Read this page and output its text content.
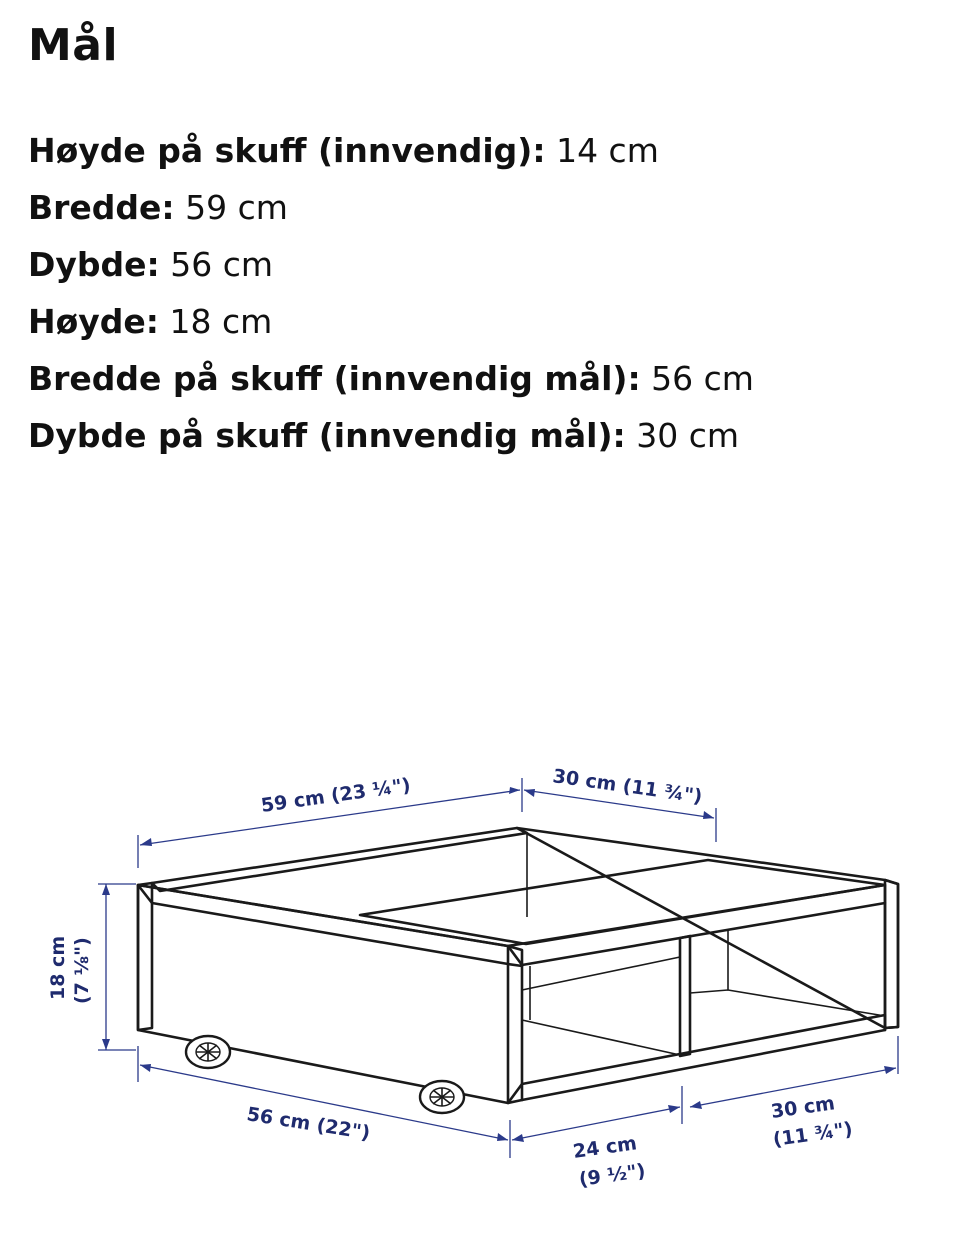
Mål
Høyde på skuff (innvendig): 14 cm
Bredde: 59 cm
Dybde: 56 cm
Høyde: 18 cm
Bredde på skuff (innvendig mål): 56 cm
Dybde på skuff (innvendig mål): 30 cm
59 cm (23 ¼")	30 cm (11 ¾")
18 cm (7 ⅛")
56 cm (22")
24 cm
(9 ½")
30 cm
(11 ¾")
